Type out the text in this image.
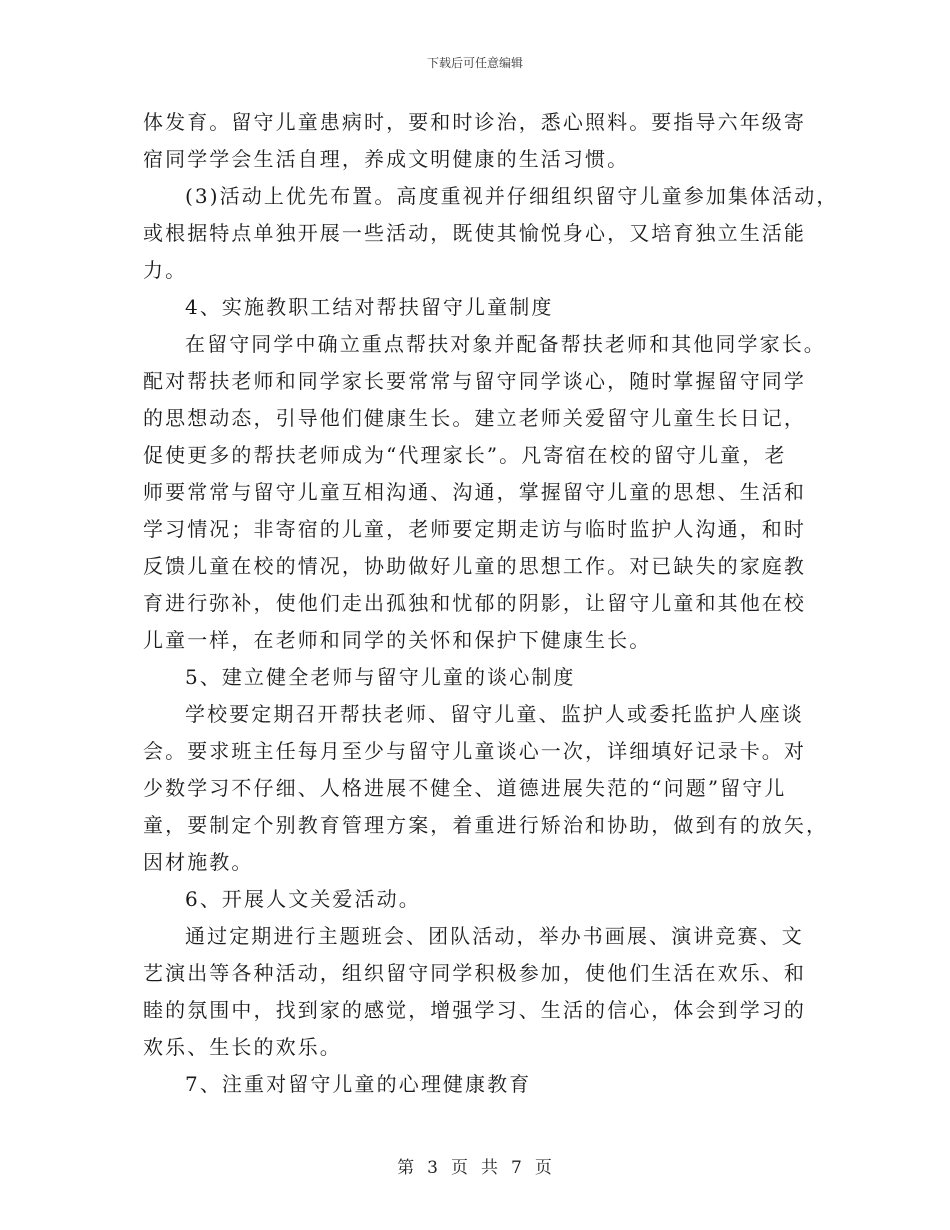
下载后可任意编辑
体发育。留守儿童患病时，要和时诊治，悉心照料。要指导六年级寄
宿同学学会生活自理，养成文明健康的生活习惯。
(3)活动上优先布置。高度重视并仔细组织留守儿童参加集体活动，
或根据特点单独开展一些活动，既使其愉悦身心，又培育独立生活能
力。
4、实施教职工结对帮扶留守儿童制度
在留守同学中确立重点帮扶对象并配备帮扶老师和其他同学家长。
配对帮扶老师和同学家长要常常与留守同学谈心，随时掌握留守同学
的思想动态，引导他们健康生长。建立老师关爱留守儿童生长日记，
促使更多的帮扶老师成为“代理家长”。凡寄宿在校的留守儿童，老
师要常常与留守儿童互相沟通、沟通，掌握留守儿童的思想、生活和
学习情况；非寄宿的儿童，老师要定期走访与临时监护人沟通，和时
反馈儿童在校的情况，协助做好儿童的思想工作。对已缺失的家庭教
育进行弥补，使他们走出孤独和忧郁的阴影，让留守儿童和其他在校
儿童一样，在老师和同学的关怀和保护下健康生长。
5、建立健全老师与留守儿童的谈心制度
学校要定期召开帮扶老师、留守儿童、监护人或委托监护人座谈
会。要求班主任每月至少与留守儿童谈心一次，详细填好记录卡。对
少数学习不仔细、人格进展不健全、道德进展失范的“问题”留守儿
童，要制定个别教育管理方案，着重进行矫治和协助，做到有的放矢，
因材施教。
6、开展人文关爱活动。
通过定期进行主题班会、团队活动，举办书画展、演讲竞赛、文
艺演出等各种活动，组织留守同学积极参加，使他们生活在欢乐、和
睦的氛围中，找到家的感觉，增强学习、生活的信心，体会到学习的
欢乐、生长的欢乐。
7、注重对留守儿童的心理健康教育
第 3 页 共 7 页
